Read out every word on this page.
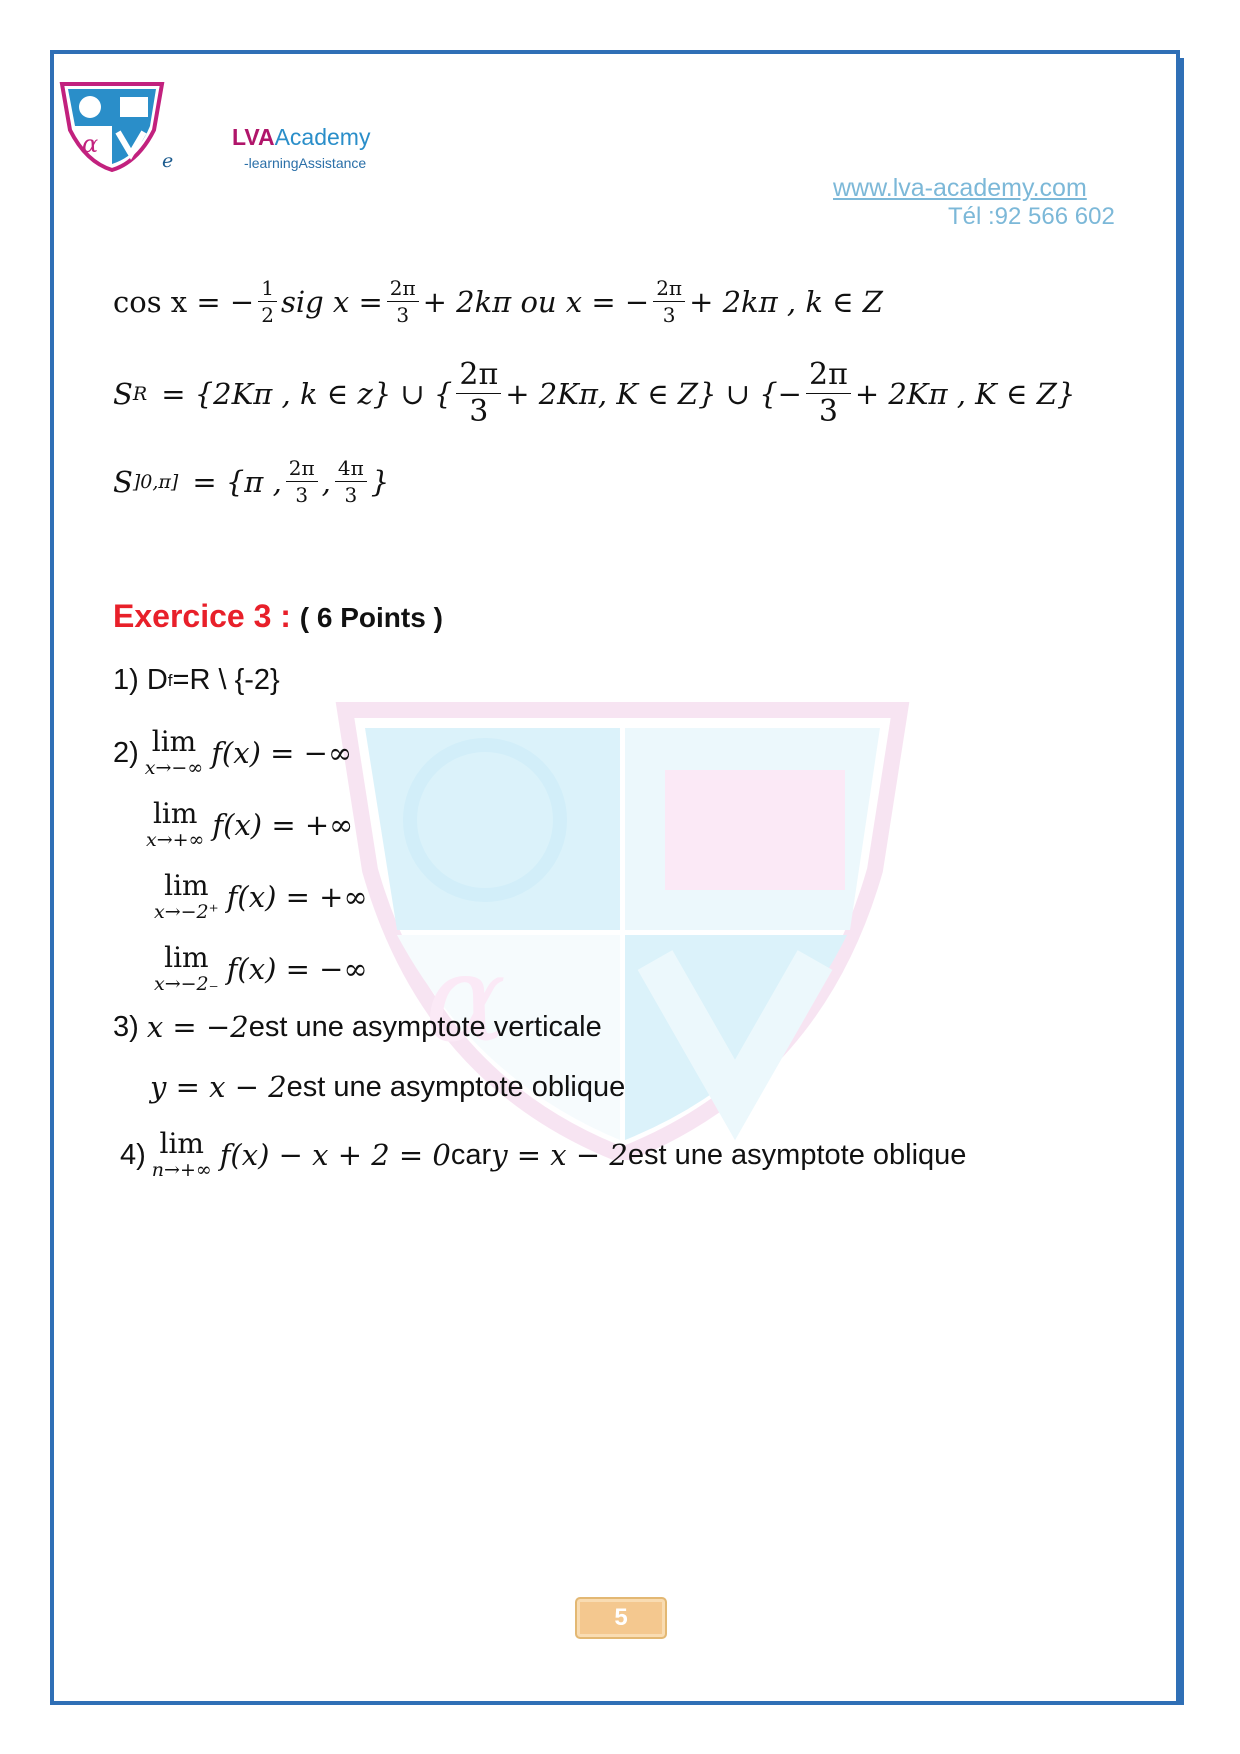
α	LVAAcademy
e	-learningAssistance
www.lva-academy.com
Tél :92 566 602
α
cos x = − $\frac{1}{2}$ sig $x = \frac{2\pi}{3} + 2k\pi$ ou x = − $\frac{2\pi}{3} + 2k\pi$ , k ∈ Z
S R = {2Kπ , k ∈ z} ∪ { $\frac{2\pi}{3} + 2K\pi$, K ∈ Z} ∪ {− $\frac{2\pi}{3} + 2K\pi$ , K ∈ Z}
S ]0,π] = {π , $\frac{2\pi}{3}$ , $\frac{4\pi}{3}$ }
Exercice 3 : ( 6 Points )
1) D f =R \ {-2}
2) lim
x→−∞ f(x) = −∞
lim
x→+∞ f(x) = +∞
lim
x→−2⁺ f(x) = +∞
lim
x→−2₋ f(x) = −∞
3)
x = −2 est une asymptote verticale
y = x − 2 est une asymptote oblique
4) lim
n→+∞ f(x) − x + 2 = 0 car y = x − 2 est une asymptote oblique
5
